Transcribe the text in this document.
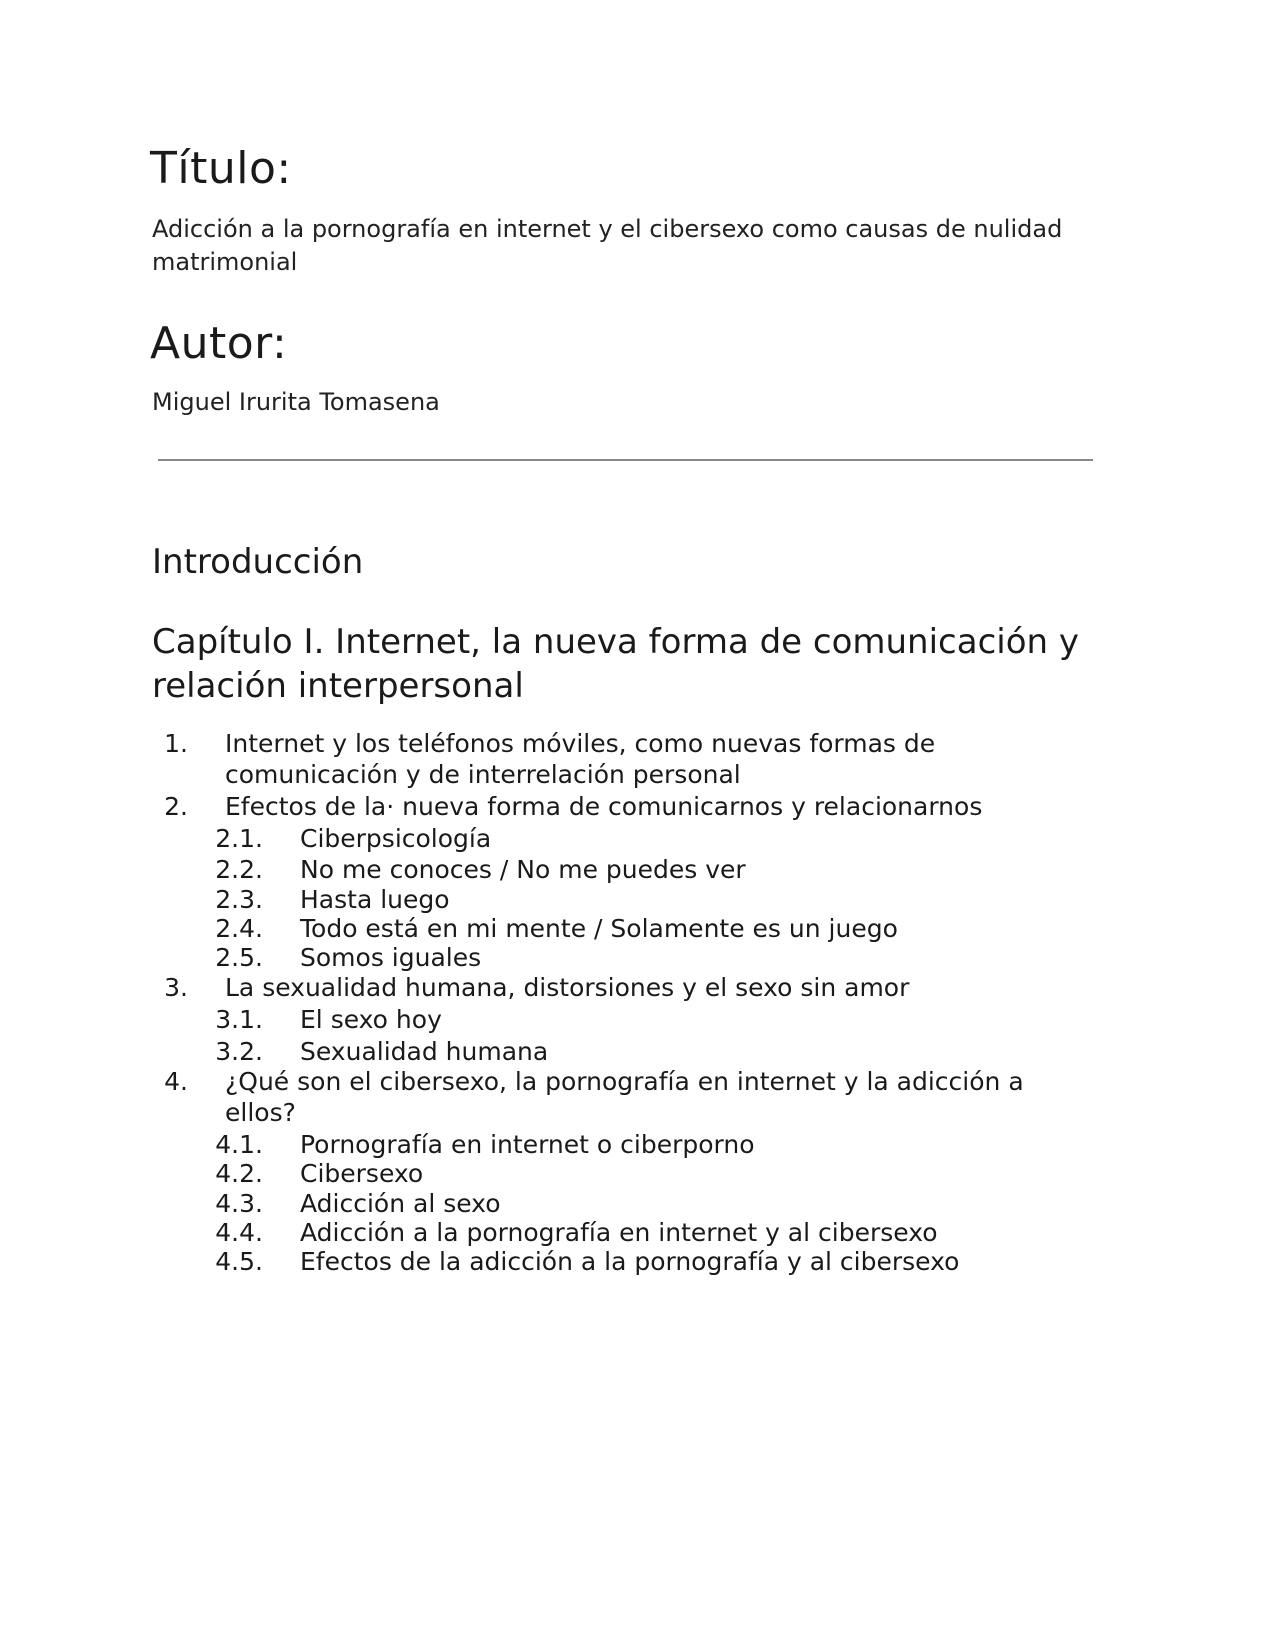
Título:

Adicción a la pornografía en internet y el cibersexo como causas de nulidad matrimonial

Autor:

Miguel Irurita Tomasena

Introducción
Capítulo I. Internet, la nueva forma de comunicación y relación interpersonal
1. Internet y los teléfonos móviles, como nuevas formas de comunicación y de interrelación personal
2. Efectos de la· nueva forma de comunicarnos y relacionarnos
2.1. Ciberpsicología
2.2. No me conoces / No me puedes ver
2.3. Hasta luego
2.4. Todo está en mi mente / Solamente es un juego
2.5. Somos iguales
3. La sexualidad humana, distorsiones y el sexo sin amor
3.1. El sexo hoy
3.2. Sexualidad humana
4. ¿Qué son el cibersexo, la pornografía en internet y la adicción a ellos?
4.1. Pornografía en internet o ciberporno
4.2. Cibersexo
4.3. Adicción al sexo
4.4. Adicción a la pornografía en internet y al cibersexo
4.5. Efectos de la adicción a la pornografía y al cibersexo
